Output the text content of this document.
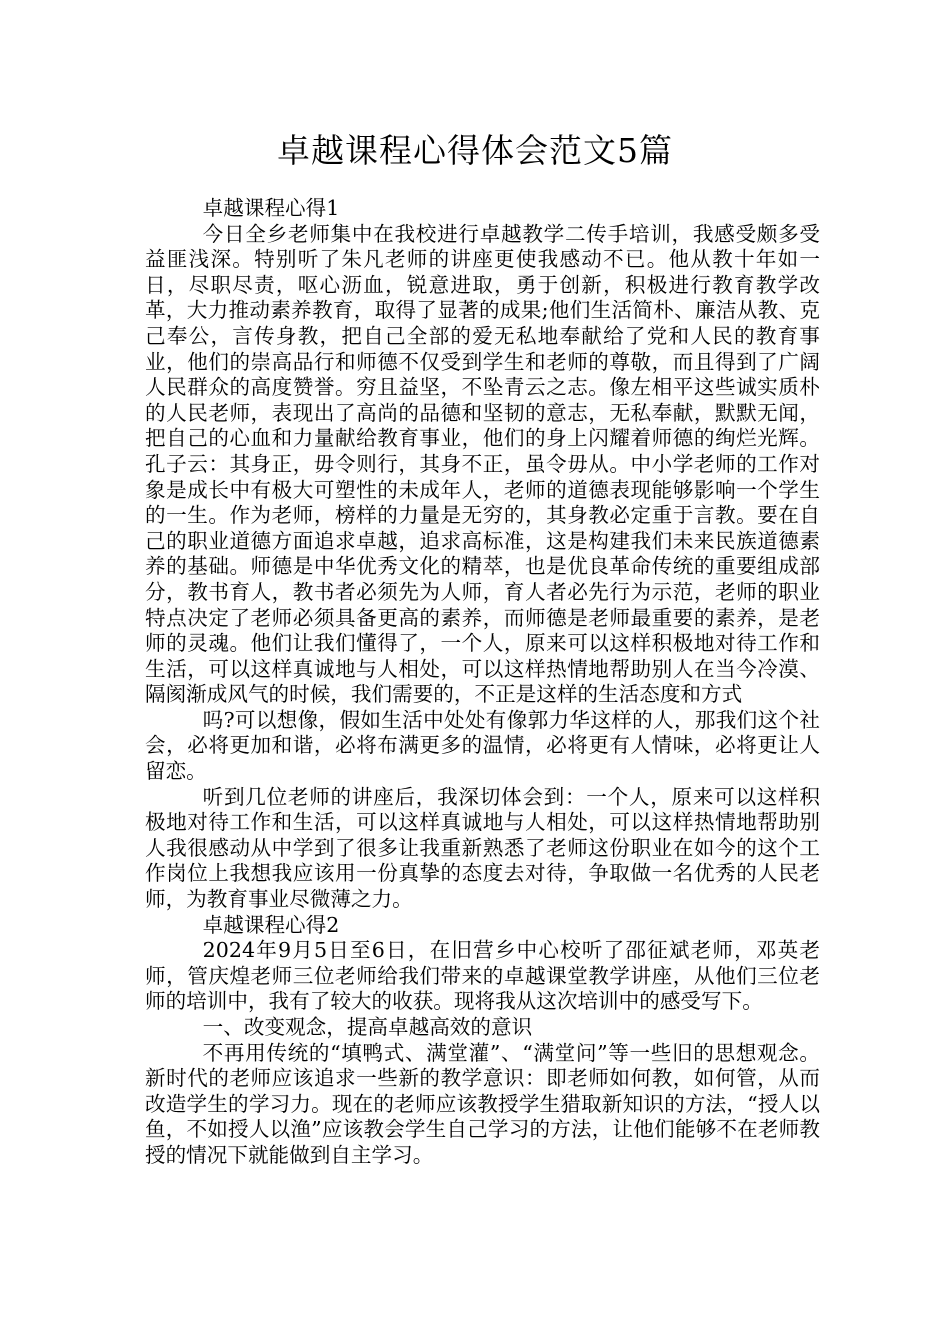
卓越课程心得体会范文5篇

卓越课程心得1

今日全乡老师集中在我校进行卓越教学二传手培训，我感受颇多受益匪浅深。特别听了朱凡老师的讲座更使我感动不已。他从教十年如一日，尽职尽责，呕心沥血，锐意进取，勇于创新，积极进行教育教学改革，大力推动素养教育，取得了显著的成果;他们生活简朴、廉洁从教、克己奉公，言传身教，把自己全部的爱无私地奉献给了党和人民的教育事业，他们的崇高品行和师德不仅受到学生和老师的尊敬，而且得到了广阔人民群众的高度赞誉。穷且益坚，不坠青云之志。像左相平这些诚实质朴的人民老师，表现出了高尚的品德和坚韧的意志，无私奉献，默默无闻，把自己的心血和力量献给教育事业，他们的身上闪耀着师德的绚烂光辉。孔子云：其身正，毋令则行，其身不正，虽令毋从。中小学老师的工作对象是成长中有极大可塑性的未成年人，老师的道德表现能够影响一个学生的一生。作为老师，榜样的力量是无穷的，其身教必定重于言教。要在自己的职业道德方面追求卓越，追求高标准，这是构建我们未来民族道德素养的基础。师德是中华优秀文化的精萃，也是优良革命传统的重要组成部分，教书育人，教书者必须先为人师，育人者必先行为示范，老师的职业特点决定了老师必须具备更高的素养，而师德是老师最重要的素养，是老师的灵魂。他们让我们懂得了，一个人，原来可以这样积极地对待工作和生活，可以这样真诚地与人相处，可以这样热情地帮助别人在当今冷漠、隔阂渐成风气的时候，我们需要的，不正是这样的生活态度和方式

吗?可以想像，假如生活中处处有像郭力华这样的人，那我们这个社会，必将更加和谐，必将布满更多的温情，必将更有人情味，必将更让人留恋。

听到几位老师的讲座后，我深切体会到：一个人，原来可以这样积极地对待工作和生活，可以这样真诚地与人相处，可以这样热情地帮助别人我很感动从中学到了很多让我重新熟悉了老师这份职业在如今的这个工作岗位上我想我应该用一份真挚的态度去对待，争取做一名优秀的人民老师，为教育事业尽微薄之力。

卓越课程心得2

2024年9月5日至6日，在旧营乡中心校听了邵征斌老师，邓英老师，管庆煌老师三位老师给我们带来的卓越课堂教学讲座，从他们三位老师的培训中，我有了较大的收获。现将我从这次培训中的感受写下。

一、改变观念，提高卓越高效的意识

不再用传统的“填鸭式、满堂灌”、“满堂问”等一些旧的思想观念。新时代的老师应该追求一些新的教学意识：即老师如何教，如何管，从而改造学生的学习力。现在的老师应该教授学生猎取新知识的方法，“授人以鱼，不如授人以渔”应该教会学生自己学习的方法，让他们能够不在老师教授的情况下就能做到自主学习。
